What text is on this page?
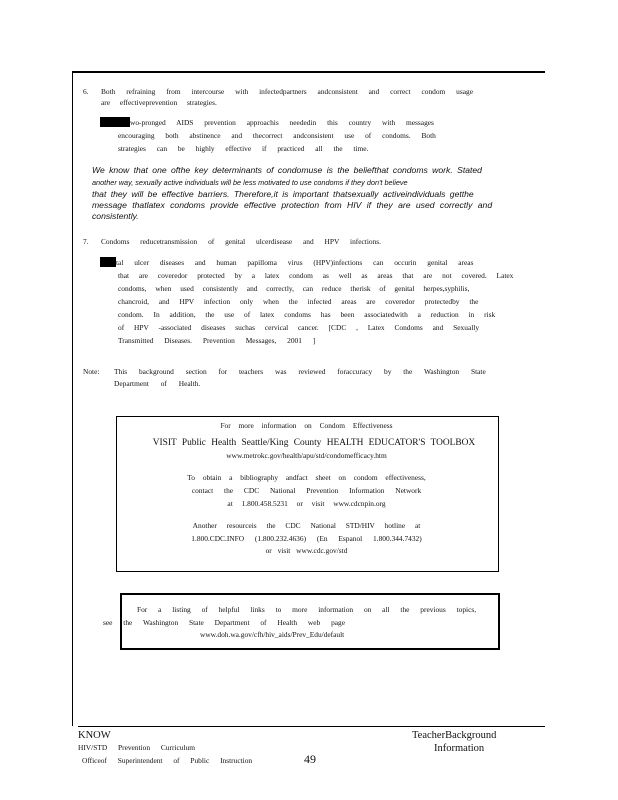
6. Both refraining from intercourse with infectedpartners andconsistent and correct condom usage
are effectiveprevention strategies.
wo-pronged AIDS prevention approachis neededin this country with messages
encouraging both abstinence and thecorrect andconsistent use of condoms. Both
strategies can be highly effective if practiced all the time.
We know that one ofthe key determinants of condomuse is the beliefthat condoms work. Stated
another way, sexually active individuals will be less motivated to use condoms if they don't believe
that they will be effective barriers. Therefore,it is important thatsexually activeindividuals getthe
message thatlatex condoms provide effective protection from HIV if they are used correctly and
consistently.
7. Condoms reducetransmission of genital ulcerdisease and HPV infections.
tal ulcer diseases and human papilloma virus (HPV)infections can occurin genital areas
that are coveredor protected by a latex condom as well as areas that are not covered. Latex
condoms, when used consistently and correctly, can reduce therisk of genital herpes,syphilis,
chancroid, and HPV infection only when the infected areas are coveredor protectedby the
condom. In addition, the use of latex condoms has been associatedwith a reduction in risk
of HPV -associated diseases suchas cervical cancer. [CDC , Latex Condoms and Sexually
Transmitted Diseases. Prevention Messages, 2001 ]
Note: This background section for teachers was reviewed foraccuracy by the Washington State
Department of Health.
For more information on Condom Effectiveness
VISIT Public Health Seattle/King County HEALTH EDUCATOR'S TOOLBOX
www.metrokc.gov/health/apu/std/condomefficacy.htm
To obtain a bibliography andfact sheet on condom effectiveness,
contact the CDC National Prevention Information Network
at 1.800.458.5231 or visit www.cdcnpin.org
Another resourceis the CDC National STD/HIV hotline at
1.800.CDC.INFO (1.800.232.4636) (En Espanol 1.800.344.7432)
or visit www.cdc.gov/std
For a listing of helpful links to more information on all the previous topics,
see the Washington State Department of Health web page
www.doh.wa.gov/cfh/hiv_aids/Prev_Edu/default
KNOW
HIV/STD Prevention Curriculum
Officeof Superintendent of Public Instruction	49
TeacherBackground
Information
